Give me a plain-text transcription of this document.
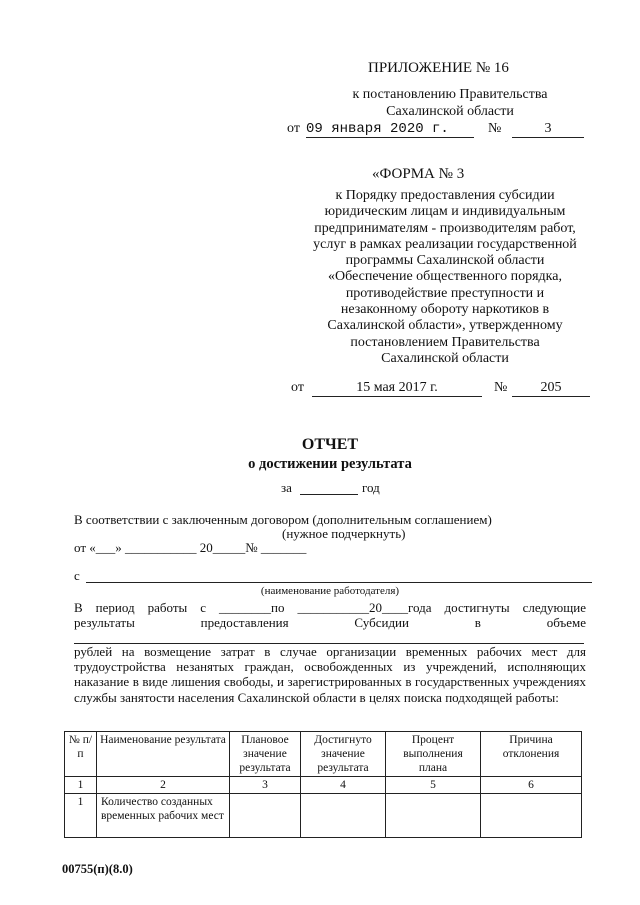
ПРИЛОЖЕНИЕ № 16
к постановлению Правительства
Сахалинской области
от 09 января 2020 г.	№	3
«ФОРМА № 3
к Порядку предоставления субсидии
юридическим лицам и индивидуальным
предпринимателям - производителям работ,
услуг в рамках реализации государственной
программы Сахалинской области
«Обеспечение общественного порядка,
противодействие преступности и
незаконному обороту наркотиков в
Сахалинской области», утвержденному
постановлением Правительства
Сахалинской области
от	15 мая 2017 г.	№	205
ОТЧЕТ
о достижении результата
за	год
В соответствии с заключенным договором (дополнительным соглашением)
(нужное подчеркнуть)
от «___» ___________ 20_____№ _______
с
(наименование работодателя)
В период работы с ________по ___________20____года достигнуты следующие
результаты предоставления Субсидии в объеме
рублей на возмещение затрат в случае организации временных рабочих мест для трудоустройства незанятых граждан, освобожденных из учреждений, исполняющих наказание в виде лишения свободы, и зарегистрированных в государственных учреждениях службы занятости населения Сахалинской области в целях поиска подходящей работы:
№ п/п	Наименование результата	Плановое значение результата	Достигнуто значение результата	Процент выполнения плана	Причина отклонения
1	2	3	4	5	6
1	Количество созданных временных рабочих мест				
00755(п)(8.0)
